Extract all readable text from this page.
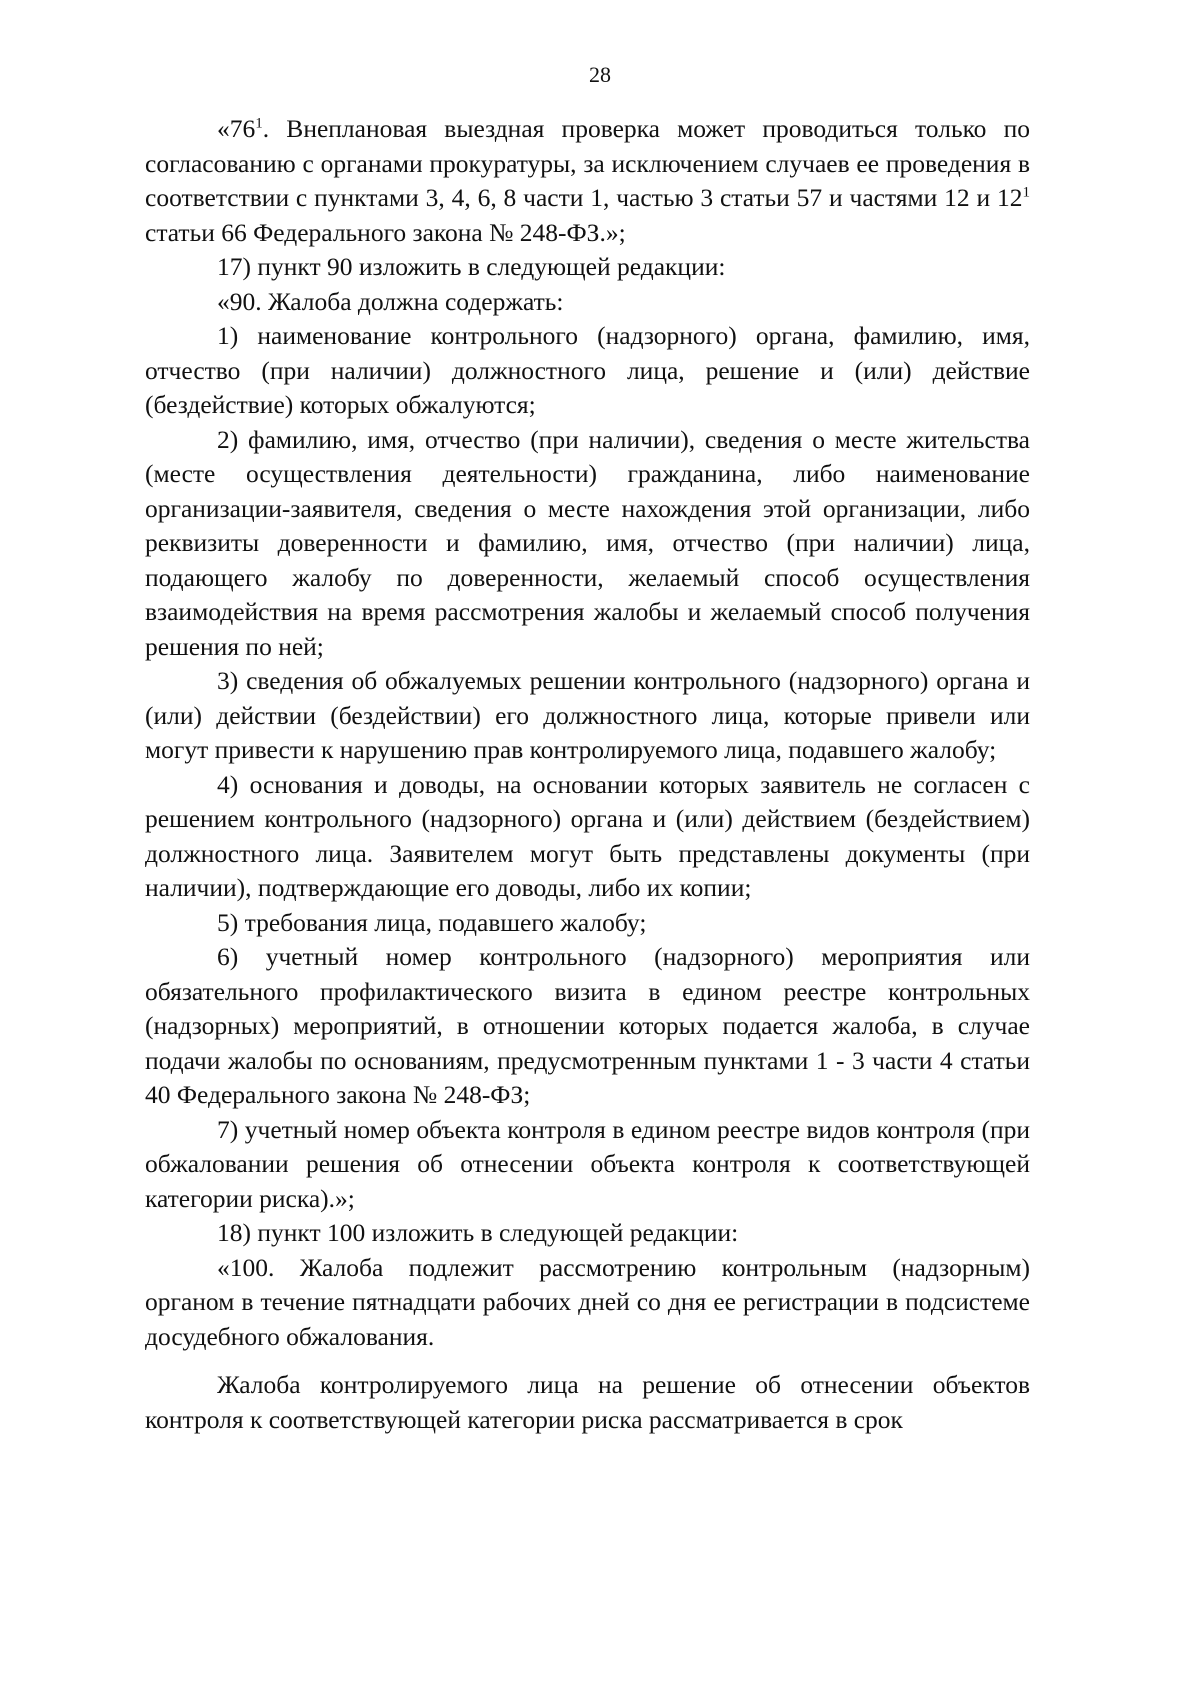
28

«$76^1$. Внеплановая выездная проверка может проводиться только по согласованию с органами прокуратуры, за исключением случаев ее проведения в соответствии с пунктами 3, 4, 6, 8 части 1, частью 3 статьи 57 и частями 12 и $12^1$ статьи 66 Федерального закона № 248-ФЗ.»;

17) пункт 90 изложить в следующей редакции:

«90. Жалоба должна содержать:

1) наименование контрольного (надзорного) органа, фамилию, имя, отчество (при наличии) должностного лица, решение и (или) действие (бездействие) которых обжалуются;

2) фамилию, имя, отчество (при наличии), сведения о месте жительства (месте осуществления деятельности) гражданина, либо наименование организации-заявителя, сведения о месте нахождения этой организации, либо реквизиты доверенности и фамилию, имя, отчество (при наличии) лица, подающего жалобу по доверенности, желаемый способ осуществления взаимодействия на время рассмотрения жалобы и желаемый способ получения решения по ней;

3) сведения об обжалуемых решении контрольного (надзорного) органа и (или) действии (бездействии) его должностного лица, которые привели или могут привести к нарушению прав контролируемого лица, подавшего жалобу;

4) основания и доводы, на основании которых заявитель не согласен с решением контрольного (надзорного) органа и (или) действием (бездействием) должностного лица. Заявителем могут быть представлены документы (при наличии), подтверждающие его доводы, либо их копии;

5) требования лица, подавшего жалобу;

6) учетный номер контрольного (надзорного) мероприятия или обязательного профилактического визита в едином реестре контрольных (надзорных) мероприятий, в отношении которых подается жалоба, в случае подачи жалобы по основаниям, предусмотренным пунктами 1 - 3 части 4 статьи 40 Федерального закона № 248-ФЗ;

7) учетный номер объекта контроля в едином реестре видов контроля (при обжаловании решения об отнесении объекта контроля к соответствующей категории риска).»;

18) пункт 100 изложить в следующей редакции:

«100. Жалоба подлежит рассмотрению контрольным (надзорным) органом в течение пятнадцати рабочих дней со дня ее регистрации в подсистеме досудебного обжалования.

Жалоба контролируемого лица на решение об отнесении объектов контроля к соответствующей категории риска рассматривается в срок
